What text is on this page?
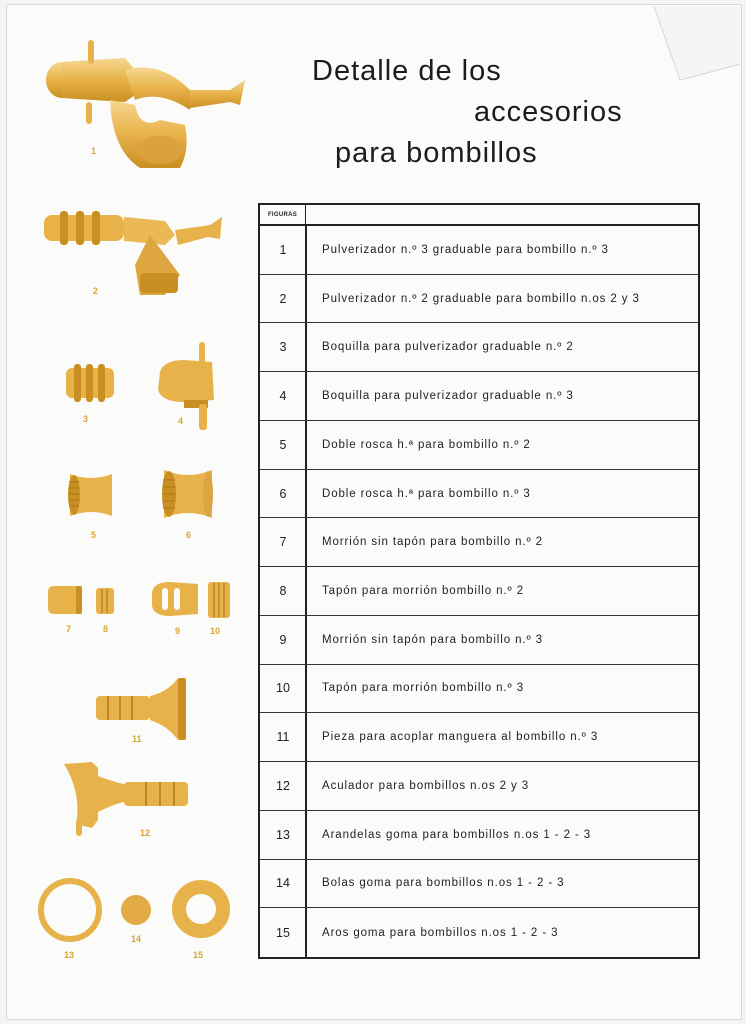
Detalle de los
accesorios
para bombillos
1
2
3	4
5	6
7	8	9	10
11
12
13
14
15
FIGURAS
1	Pulverizador n.º 3 graduable para bombillo n.º 3
2	Pulverizador n.º 2 graduable para bombillo n.os 2 y 3
3	Boquilla para pulverizador graduable n.º 2
4	Boquilla para pulverizador graduable n.º 3
5	Doble rosca h.ª para bombillo n.º 2
6	Doble rosca h.ª para bombillo n.º 3
7	Morrión sin tapón para bombillo n.º 2
8	Tapón para morrión bombillo n.º 2
9	Morrión sin tapón para bombillo n.º 3
10	Tapón para morrión bombillo n.º 3
11	Pieza para acoplar manguera al bombillo n.º 3
12	Aculador para bombillos n.os 2 y 3
13	Arandelas goma para bombillos n.os 1 - 2 - 3
14	Bolas goma para bombillos n.os 1 - 2 - 3
15	Aros goma para bombillos n.os 1 - 2 - 3
